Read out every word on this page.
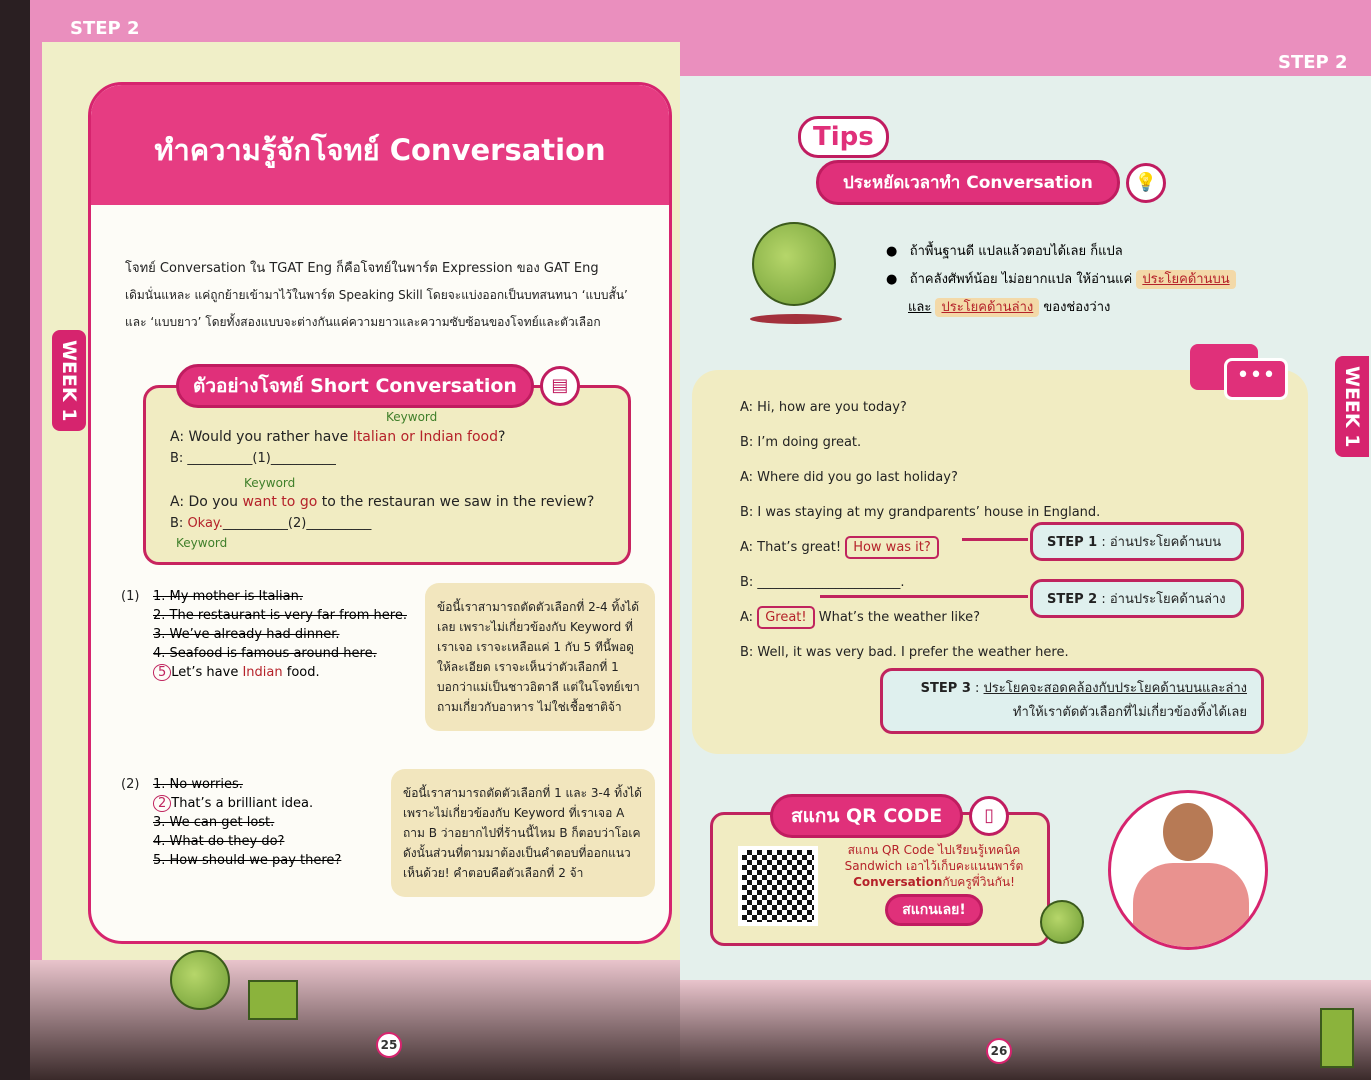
STEP 2
WEEK 1
ทำความรู้จักโจทย์ Conversation
โจทย์ Conversation ใน TGAT Eng ก็คือโจทย์ในพาร์ต Expression ของ GAT Eng
เดิมนั่นแหละ แค่ถูกย้ายเข้ามาไว้ในพาร์ต Speaking Skill โดยจะแบ่งออกเป็นบทสนทนา ‘แบบสั้น’
และ ‘แบบยาว’ โดยทั้งสองแบบจะต่างกันแค่ความยาวและความซับซ้อนของโจทย์และตัวเลือก
ตัวอย่างโจทย์ Short Conversation	▤
Keyword
A: Would you rather have Italian or Indian food?
B: __________(1)__________
Keyword
A: Do you want to go to the restauran we saw in the review?
B: Okay.__________(2)__________
Keyword
(1) 1. My mother is Italian.
2. The restaurant is very far from here.
3. We’ve already had dinner.
4. Seafood is famous around here.
5 Let’s have Indian food.
ข้อนี้เราสามารถตัดตัวเลือกที่ 2-4 ทิ้งได้เลย เพราะไม่เกี่ยวข้องกับ Keyword ที่เราเจอ เราจะเหลือแค่ 1 กับ 5 ทีนี้พอดูให้ละเอียด เราจะเห็นว่าตัวเลือกที่ 1 บอกว่าแม่เป็นชาวอิตาลี แต่ในโจทย์เขาถามเกี่ยวกับอาหาร ไม่ใช่เชื้อชาติจ้า
(2) 1. No worries.
2 That’s a brilliant idea.
3. We can get lost.
4. What do they do?
5. How should we pay there?
ข้อนี้เราสามารถตัดตัวเลือกที่ 1 และ 3-4 ทิ้งได้ เพราะไม่เกี่ยวข้องกับ Keyword ที่เราเจอ A ถาม B ว่าอยากไปที่ร้านนี้ไหม B ก็ตอบว่าโอเค ดังนั้นส่วนที่ตามมาต้องเป็นคำตอบที่ออกแนวเห็นด้วย! คำตอบคือตัวเลือกที่ 2 จ้า
25
STEP 2
WEEK 1
Tips
ประหยัดเวลาทำ Conversation	💡
●   ถ้าพื้นฐานดี แปลแล้วตอบได้เลย ก็แปล
●   ถ้าคลังศัพท์น้อย ไม่อยากแปล ให้อ่านแค่ ประโยคด้านบน
และ ประโยคด้านล่าง ของช่องว่าง
•••
A: Hi, how are you today?
B: I’m doing great.
A: Where did you go last holiday?
B: I was staying at my grandparents’ house in England.
A: That’s great! How was it?
B: ______________________.
A: Great! What’s the weather like?
B: Well, it was very bad. I prefer the weather here.
STEP 1 : อ่านประโยคด้านบน
STEP 2 : อ่านประโยคด้านล่าง
STEP 3 : ประโยคจะสอดคล้องกับประโยคด้านบนและล่าง
ทำให้เราตัดตัวเลือกที่ไม่เกี่ยวข้องทิ้งได้เลย
สแกน QR CODE	▯
สแกน QR Code ไปเรียนรู้เทคนิค
Sandwich เอาไว้เก็บคะแนนพาร์ต
Conversationกับครูพี่วินกัน!
สแกนเลย!
26
